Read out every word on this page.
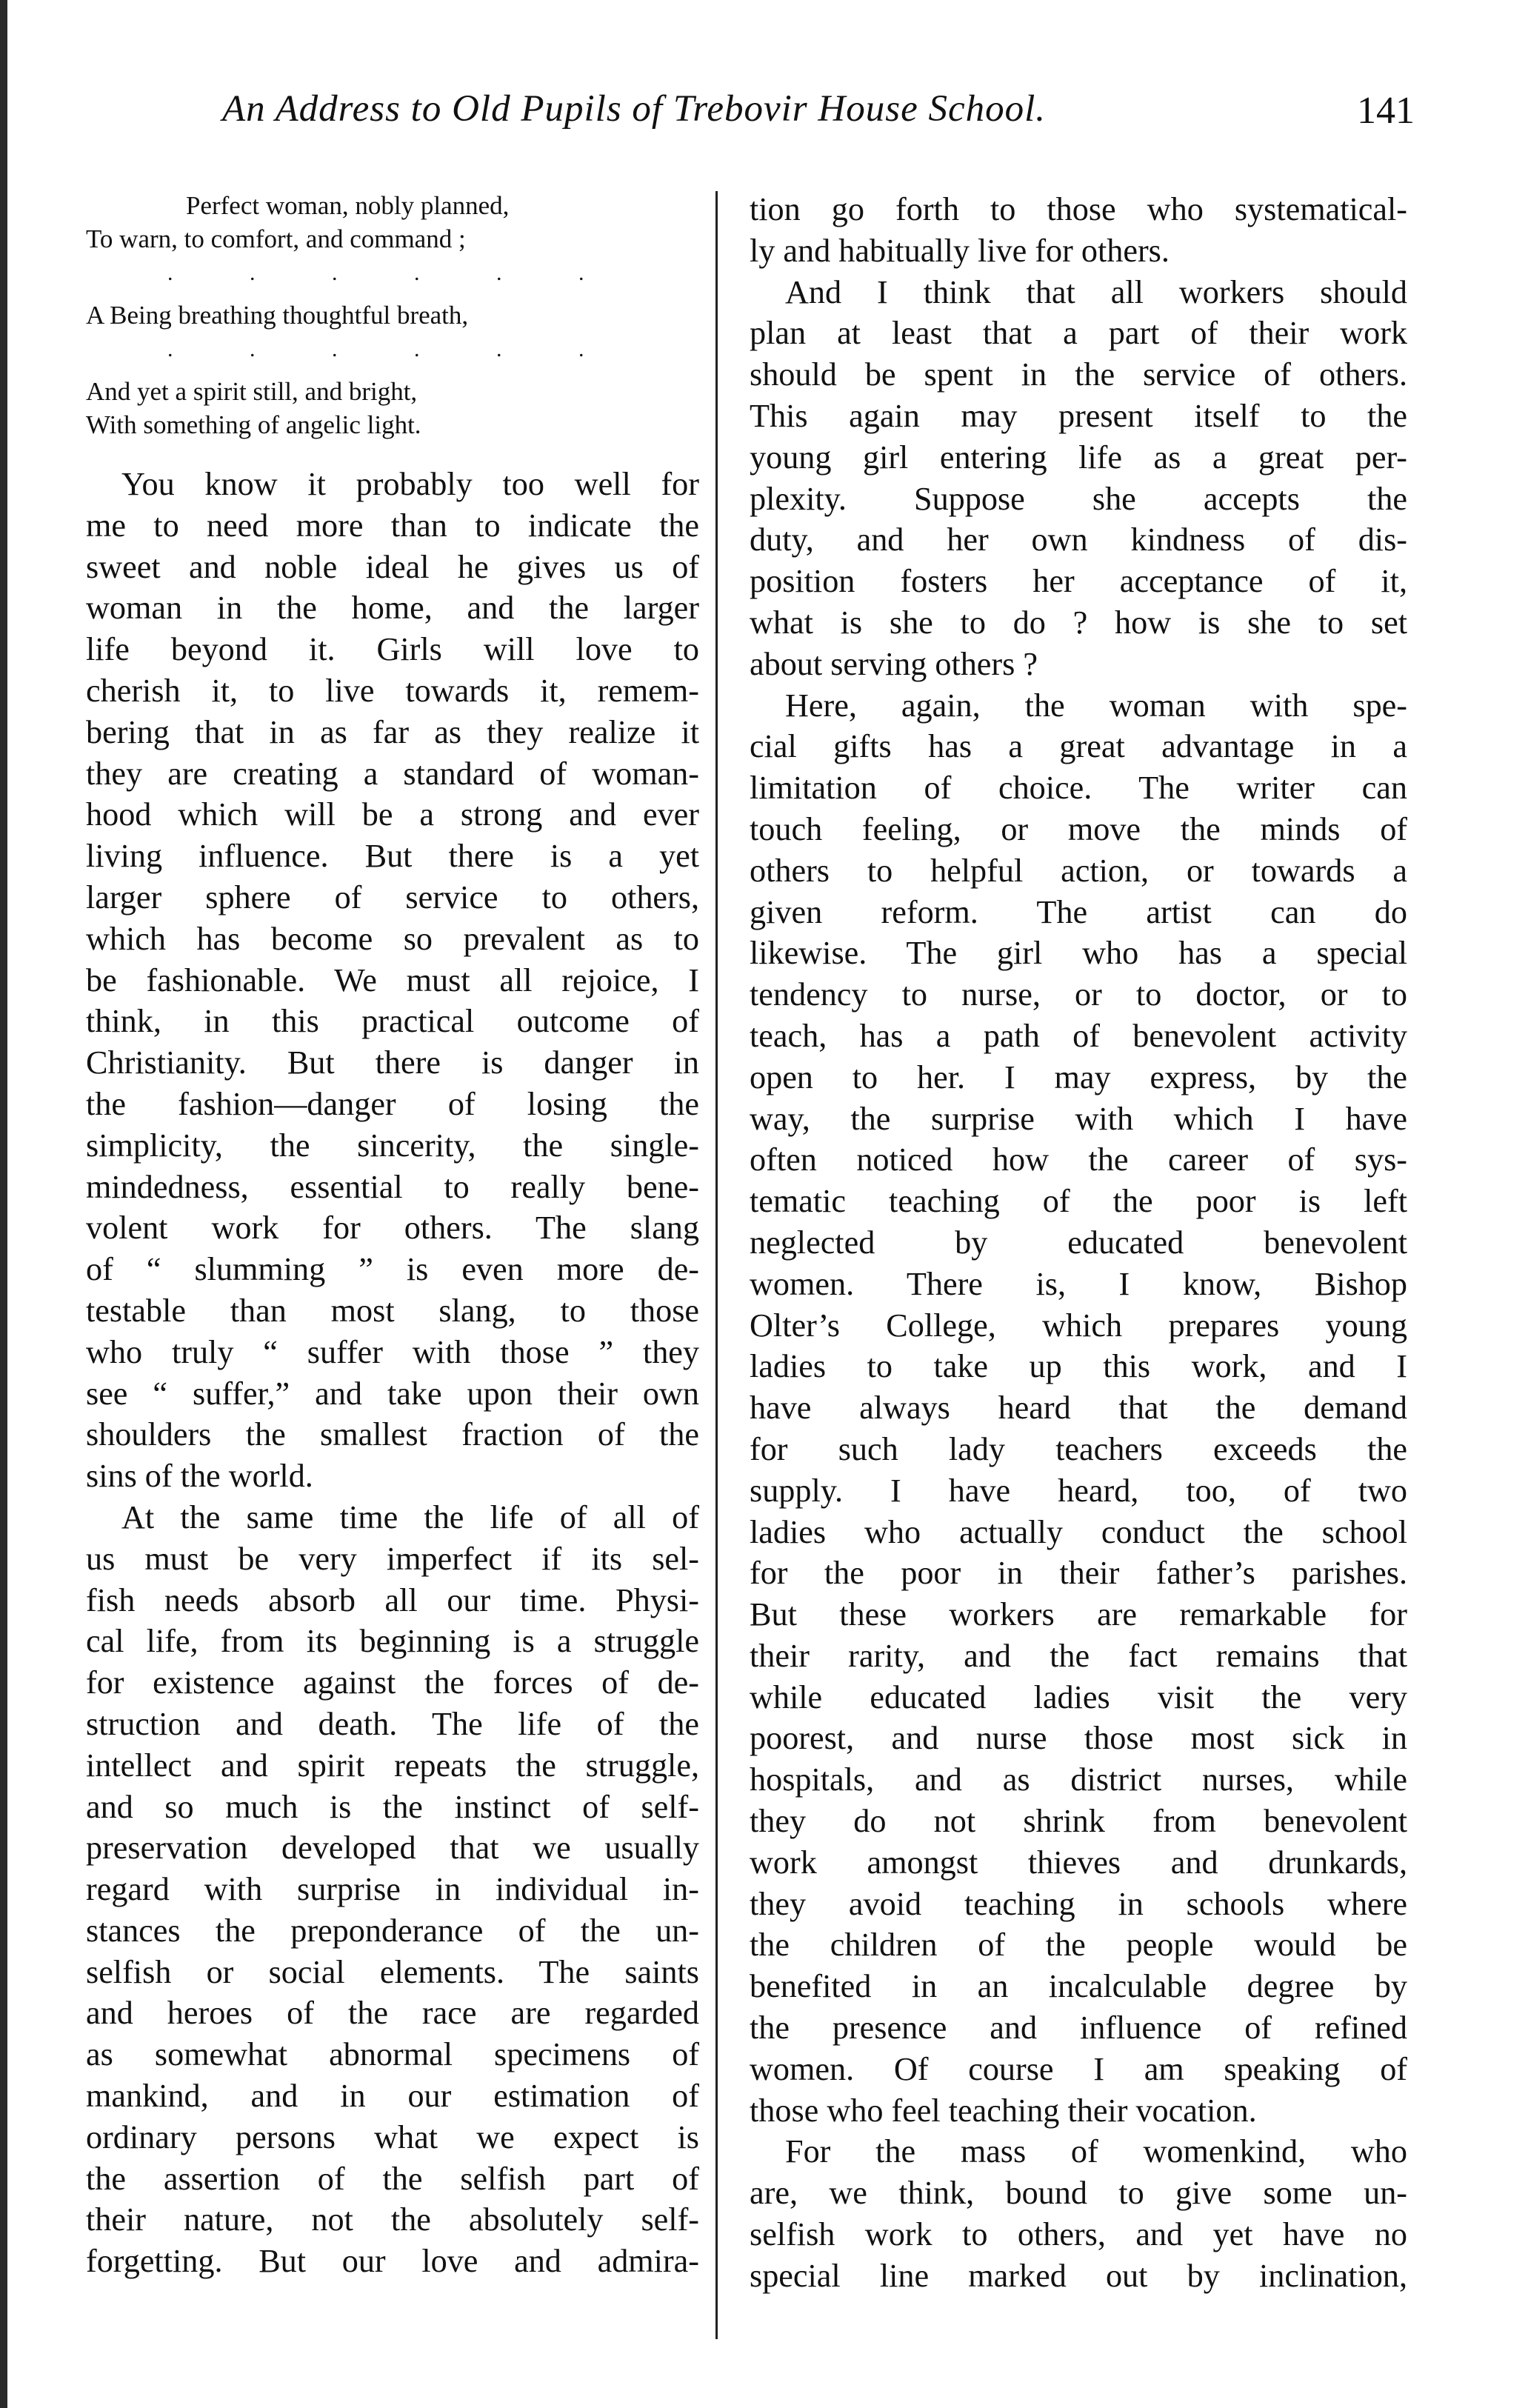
An Address to Old Pupils of Trebovir House School.	141
Perfect woman, nobly planned,
To warn, to comfort, and command ;
. . . . . .
A Being breathing thoughtful breath,
. . . . . .
And yet a spirit still, and bright,
With something of angelic light.
You know it probably too well for
me to need more than to indicate the
sweet and noble ideal he gives us of
woman in the home, and the larger
life beyond it. Girls will love to
cherish it, to live towards it, remem-
bering that in as far as they realize it
they are creating a standard of woman-
hood which will be a strong and ever
living influence. But there is a yet
larger sphere of service to others,
which has become so prevalent as to
be fashionable. We must all rejoice, I
think, in this practical outcome of
Christianity. But there is danger in
the fashion—danger of losing the
simplicity, the sincerity, the single-
mindedness, essential to really bene-
volent work for others. The slang
of “ slumming ” is even more de-
testable than most slang, to those
who truly “ suffer with those ” they
see “ suffer,” and take upon their own
shoulders the smallest fraction of the
sins of the world.
At the same time the life of all of
us must be very imperfect if its sel-
fish needs absorb all our time. Physi-
cal life, from its beginning is a struggle
for existence against the forces of de-
struction and death. The life of the
intellect and spirit repeats the struggle,
and so much is the instinct of self-
preservation developed that we usually
regard with surprise in individual in-
stances the preponderance of the un-
selfish or social elements. The saints
and heroes of the race are regarded
as somewhat abnormal specimens of
mankind, and in our estimation of
ordinary persons what we expect is
the assertion of the selfish part of
their nature, not the absolutely self-
forgetting. But our love and admira-
tion go forth to those who systematical-
ly and habitually live for others.
And I think that all workers should
plan at least that a part of their work
should be spent in the service of others.
This again may present itself to the
young girl entering life as a great per-
plexity. Suppose she accepts the
duty, and her own kindness of dis-
position fosters her acceptance of it,
what is she to do ? how is she to set
about serving others ?
Here, again, the woman with spe-
cial gifts has a great advantage in a
limitation of choice. The writer can
touch feeling, or move the minds of
others to helpful action, or towards a
given reform. The artist can do
likewise. The girl who has a special
tendency to nurse, or to doctor, or to
teach, has a path of benevolent activity
open to her. I may express, by the
way, the surprise with which I have
often noticed how the career of sys-
tematic teaching of the poor is left
neglected by educated benevolent
women. There is, I know, Bishop
Olter’s College, which prepares young
ladies to take up this work, and I
have always heard that the demand
for such lady teachers exceeds the
supply. I have heard, too, of two
ladies who actually conduct the school
for the poor in their father’s parishes.
But these workers are remarkable for
their rarity, and the fact remains that
while educated ladies visit the very
poorest, and nurse those most sick in
hospitals, and as district nurses, while
they do not shrink from benevolent
work amongst thieves and drunkards,
they avoid teaching in schools where
the children of the people would be
benefited in an incalculable degree by
the presence and influence of refined
women. Of course I am speaking of
those who feel teaching their vocation.
For the mass of womenkind, who
are, we think, bound to give some un-
selfish work to others, and yet have no
special line marked out by inclination,
